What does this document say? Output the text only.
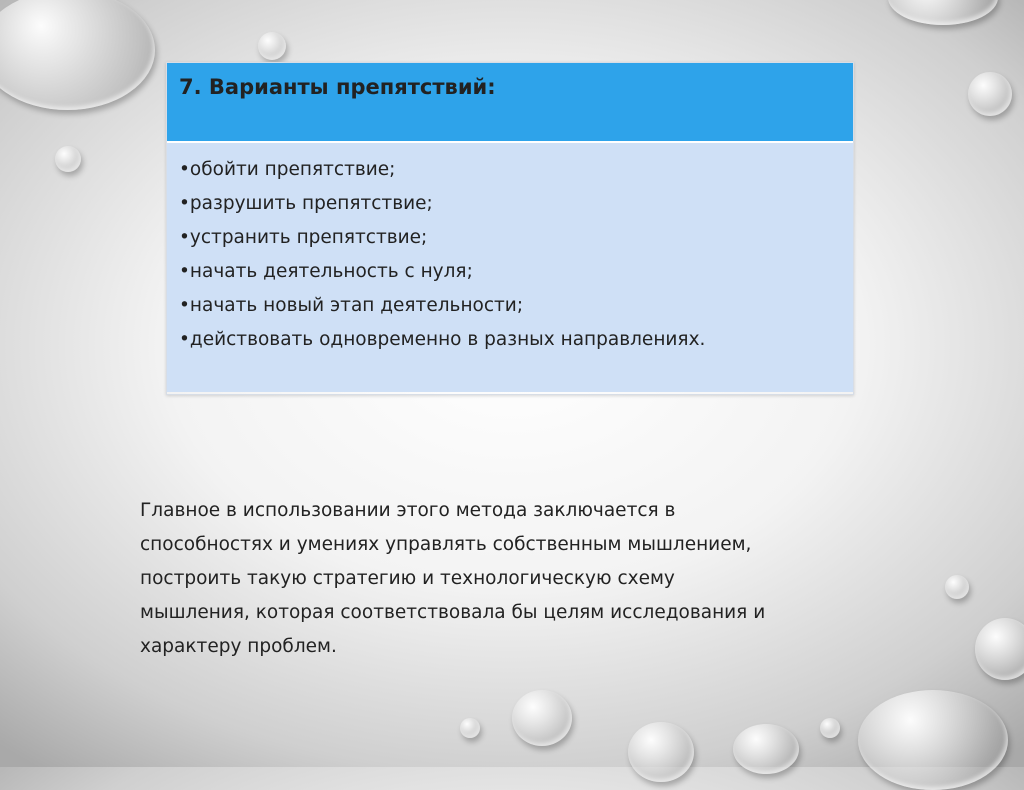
7. Варианты препятствий:
• обойти препятствие;
• разрушить препятствие;
• устранить препятствие;
• начать деятельность с нуля;
• начать новый этап деятельности;
• действовать одновременно в разных направлениях.
Главное в использовании этого метода заключается в
способностях и умениях управлять собственным мышлением,
построить такую стратегию и технологическую схему
мышления, которая соответствовала бы целям исследования и
характеру проблем.
